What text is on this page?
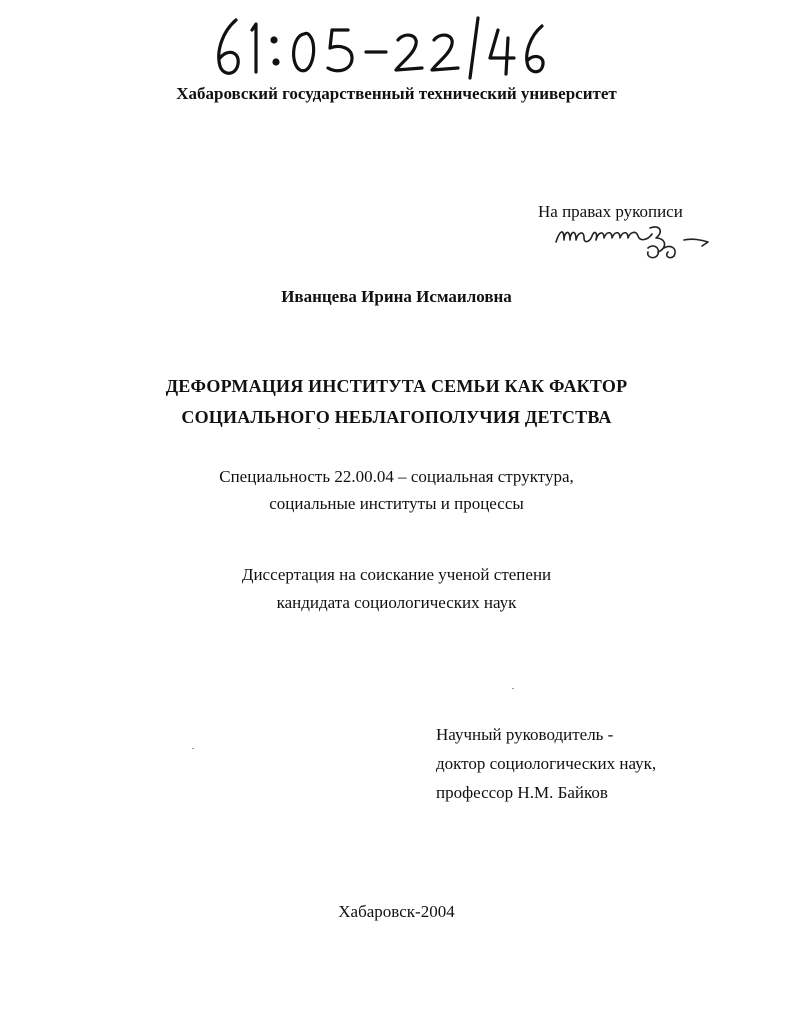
Хабаровский государственный технический университет
На правах рукописи
Иванцева Ирина Исмаиловна
ДЕФОРМАЦИЯ ИНСТИТУТА СЕМЬИ КАК ФАКТОР
СОЦИАЛЬНОГО НЕБЛАГОПОЛУЧИЯ ДЕТСТВА
Специальность 22.00.04 – социальная структура,
социальные институты и процессы
Диссертация на соискание ученой степени
кандидата социологических наук
Научный руководитель -
доктор социологических наук,
профессор Н.М. Байков
Хабаровск-2004
